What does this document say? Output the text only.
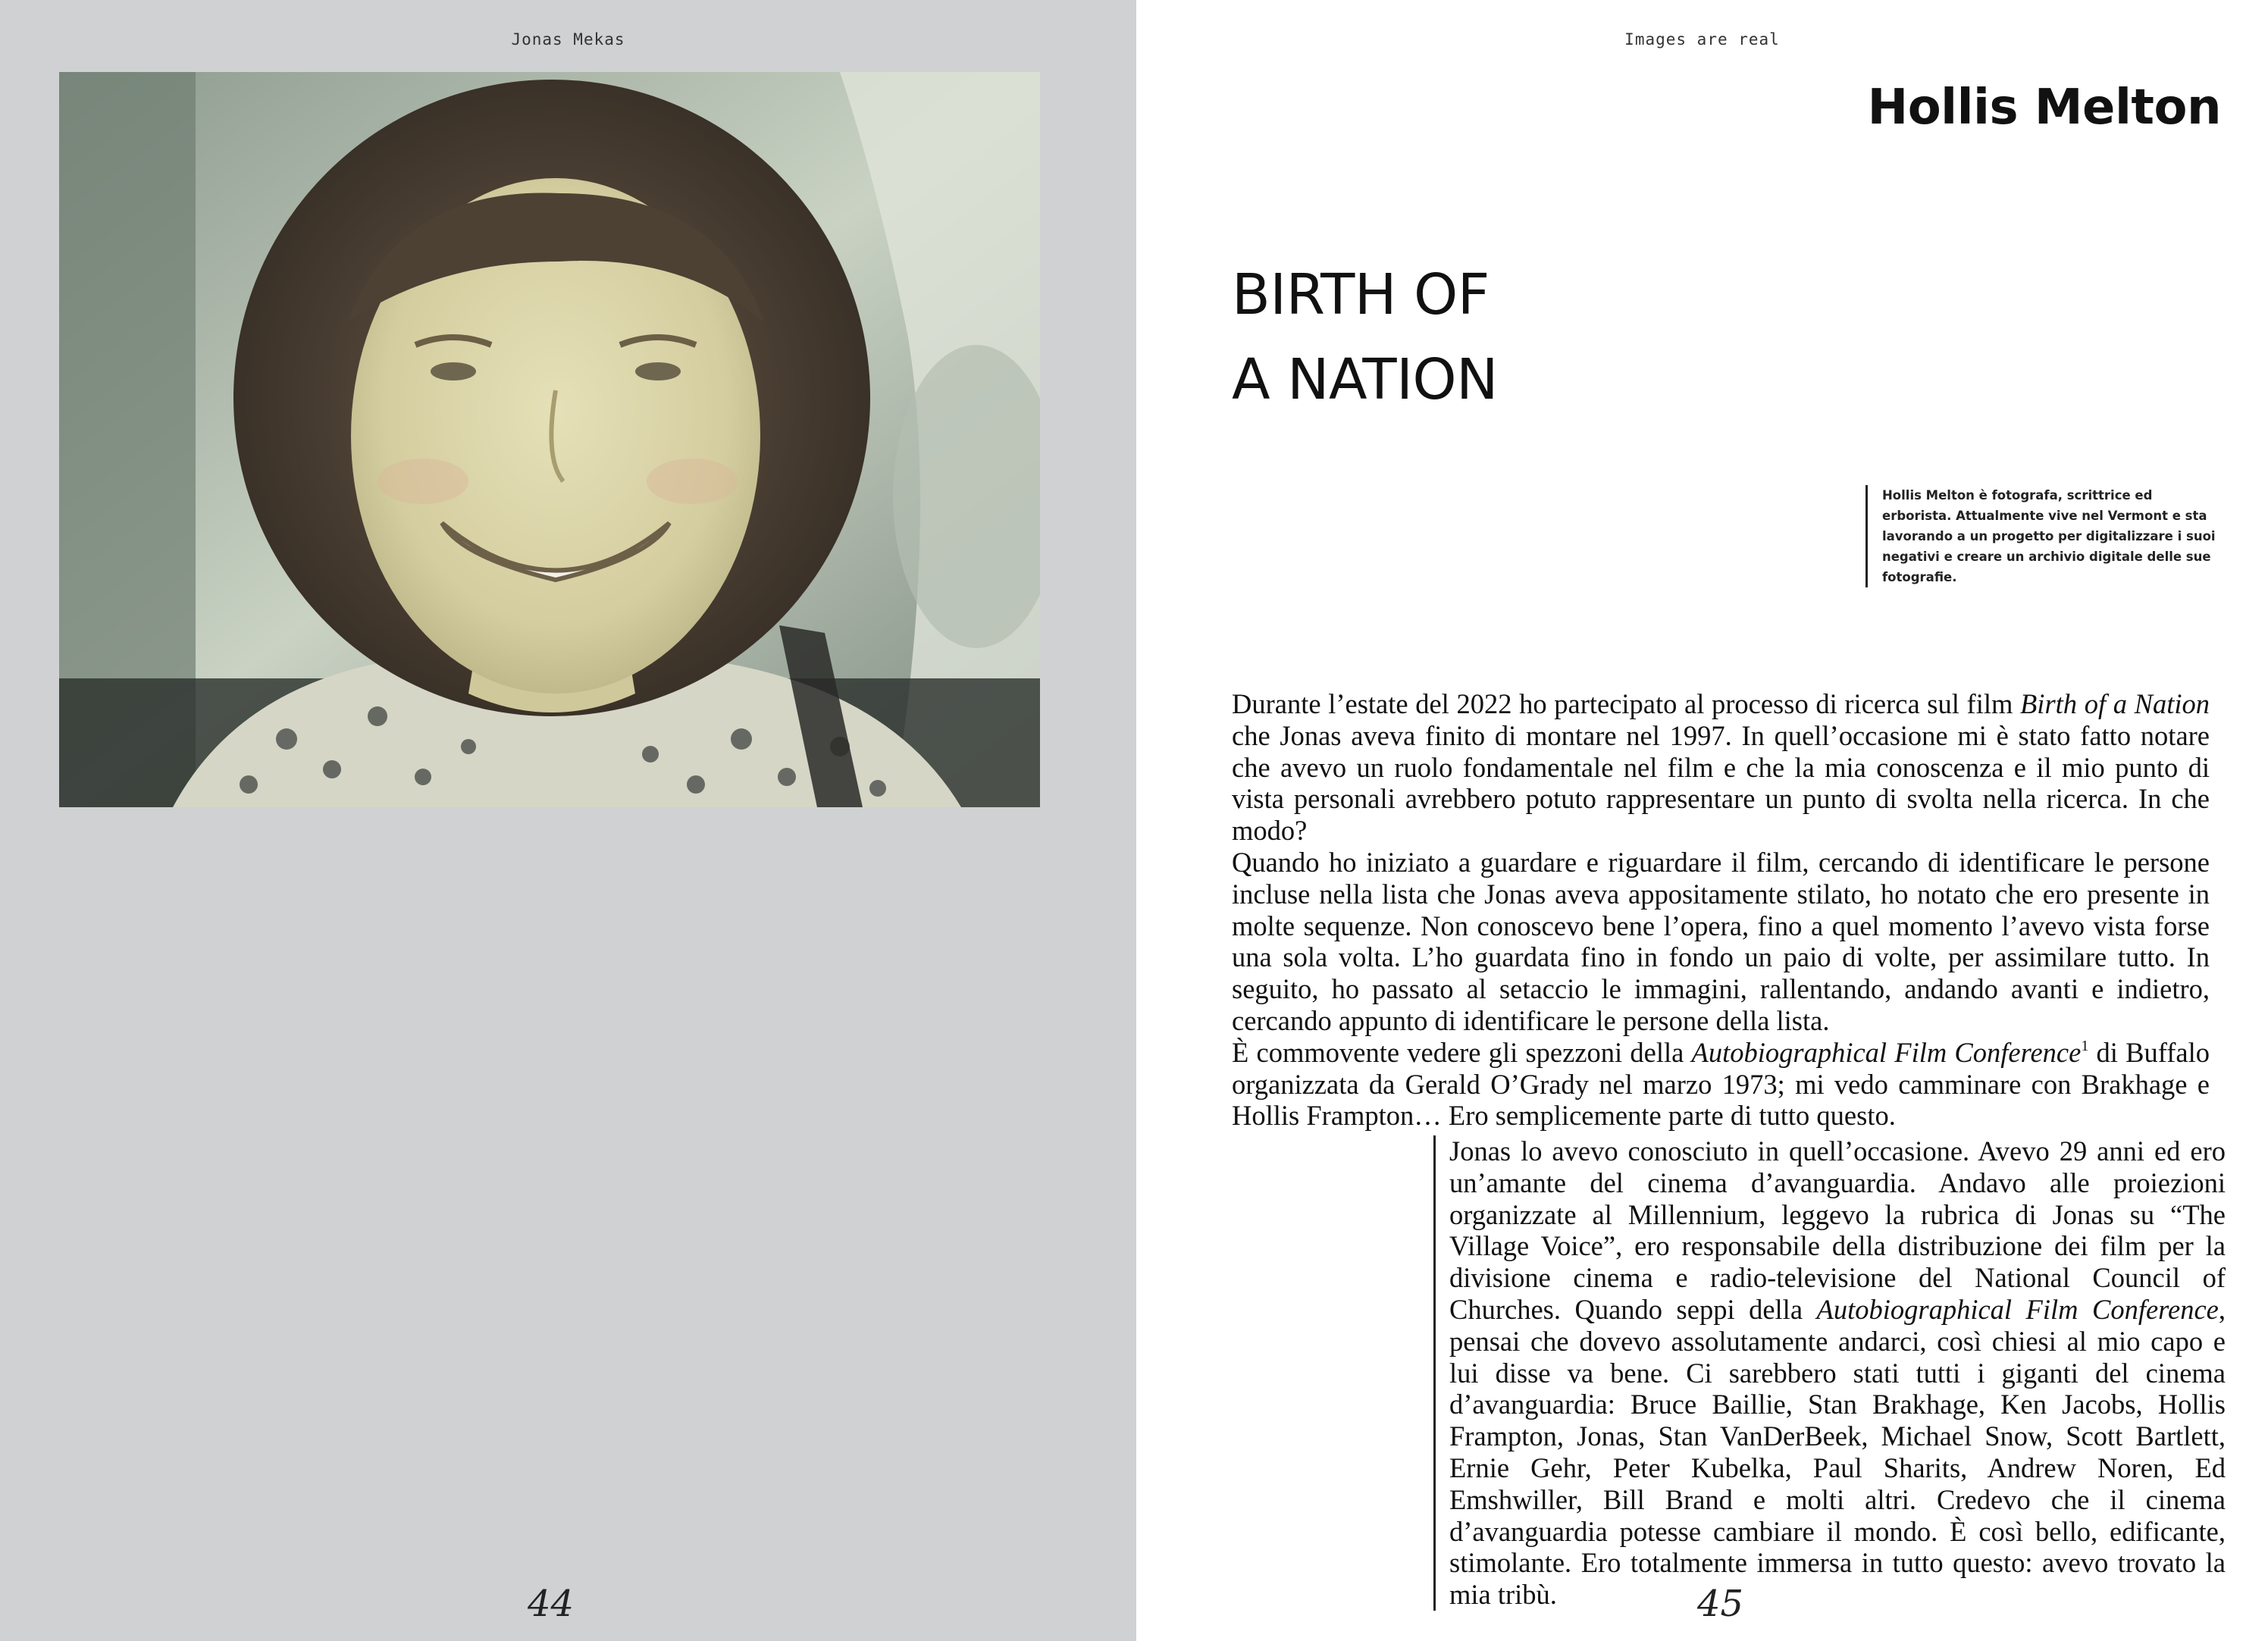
Jonas Mekas
44
Images are real
Hollis Melton
BIRTH OF
A NATION
Hollis Melton è fotografa, scrittrice ed erborista. Attualmente vive nel Vermont e sta lavorando a un progetto per digitalizzare i suoi negativi e creare un archivio digitale delle sue fotografie.

Durante l’estate del 2022 ho partecipato al processo di ricerca sul film Birth of a Nation che Jonas aveva finito di montare nel 1997. In quell’occasione mi è stato fatto notare che avevo un ruolo fondamentale nel film e che la mia conoscenza e il mio punto di vista personali avrebbero potuto rappresentare un punto di svolta nella ricerca. In che modo?

Quando ho iniziato a guardare e riguardare il film, cercando di identificare le persone incluse nella lista che Jonas aveva appositamente stilato, ho notato che ero presente in molte sequenze. Non conoscevo bene l’opera, fino a quel momento l’avevo vista forse una sola volta. L’ho guardata fino in fondo un paio di volte, per assimilare tutto. In seguito, ho passato al setaccio le immagini, rallentando, andando avanti e indietro, cercando appunto di identificare le persone della lista.

È commovente vedere gli spezzoni della Autobiographical Film Conference$^1$ di Buffalo organizzata da Gerald O’Grady nel marzo 1973; mi vedo camminare con Brakhage e Hollis Frampton… Ero semplicemente parte di tutto questo.

Jonas lo avevo conosciuto in quell’occasione. Avevo 29 anni ed ero un’amante del cinema d’avanguardia. Andavo alle proiezioni organizzate al Millennium, leggevo la rubrica di Jonas su “The Village Voice”, ero responsabile della distribuzione dei film per la divisione cinema e radio-televisione del National Council of Churches. Quando seppi della Autobiographical Film Conference, pensai che dovevo assolutamente andarci, così chiesi al mio capo e lui disse va bene. Ci sarebbero stati tutti i giganti del cinema d’avanguardia: Bruce Baillie, Stan Brakhage, Ken Jacobs, Hollis Frampton, Jonas, Stan VanDerBeek, Michael Snow, Scott Bartlett, Ernie Gehr, Peter Kubelka, Paul Sharits, Andrew Noren, Ed Emshwiller, Bill Brand e molti altri. Credevo che il cinema d’avanguardia potesse cambiare il mondo. È così bello, edificante, stimolante. Ero totalmente immersa in tutto questo: avevo trovato la mia tribù.	45
